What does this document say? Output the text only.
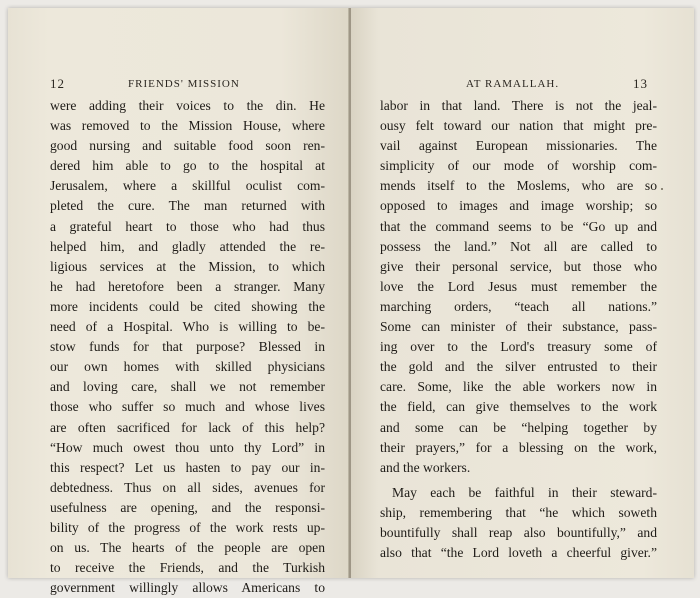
12	FRIENDS' MISSION
were adding their voices to the din. He
was removed to the Mission House, where
good nursing and suitable food soon ren-
dered him able to go to the hospital at
Jerusalem, where a skillful oculist com-
pleted the cure. The man returned with
a grateful heart to those who had thus
helped him, and gladly attended the re-
ligious services at the Mission, to which
he had heretofore been a stranger. Many
more incidents could be cited showing the
need of a Hospital. Who is willing to be-
stow funds for that purpose? Blessed in
our own homes with skilled physicians
and loving care, shall we not remember
those who suffer so much and whose lives
are often sacrificed for lack of this help?
“How much owest thou unto thy Lord” in
this respect? Let us hasten to pay our in-
debtedness. Thus on all sides, avenues for
usefulness are opening, and the responsi-
bility of the progress of the work rests up-
on us. The hearts of the people are open
to receive the Friends, and the Turkish
government willingly allows Americans to
AT RAMALLAH.	13
labor in that land. There is not the jeal-
ousy felt toward our nation that might pre-
vail against European missionaries. The
simplicity of our mode of worship com-
mends itself to the Moslems, who are so
opposed to images and image worship; so
that the command seems to be “Go up and
possess the land.” Not all are called to
give their personal service, but those who
love the Lord Jesus must remember the
marching orders, “teach all nations.”
Some can minister of their substance, pass-
ing over to the Lord's treasury some of
the gold and the silver entrusted to their
care. Some, like the able workers now in
the field, can give themselves to the work
and some can be “helping together by
their prayers,” for a blessing on the work,
and the workers.
May each be faithful in their steward-
ship, remembering that “he which soweth
bountifully shall reap also bountifully,” and
also that “the Lord loveth a cheerful giver.”
